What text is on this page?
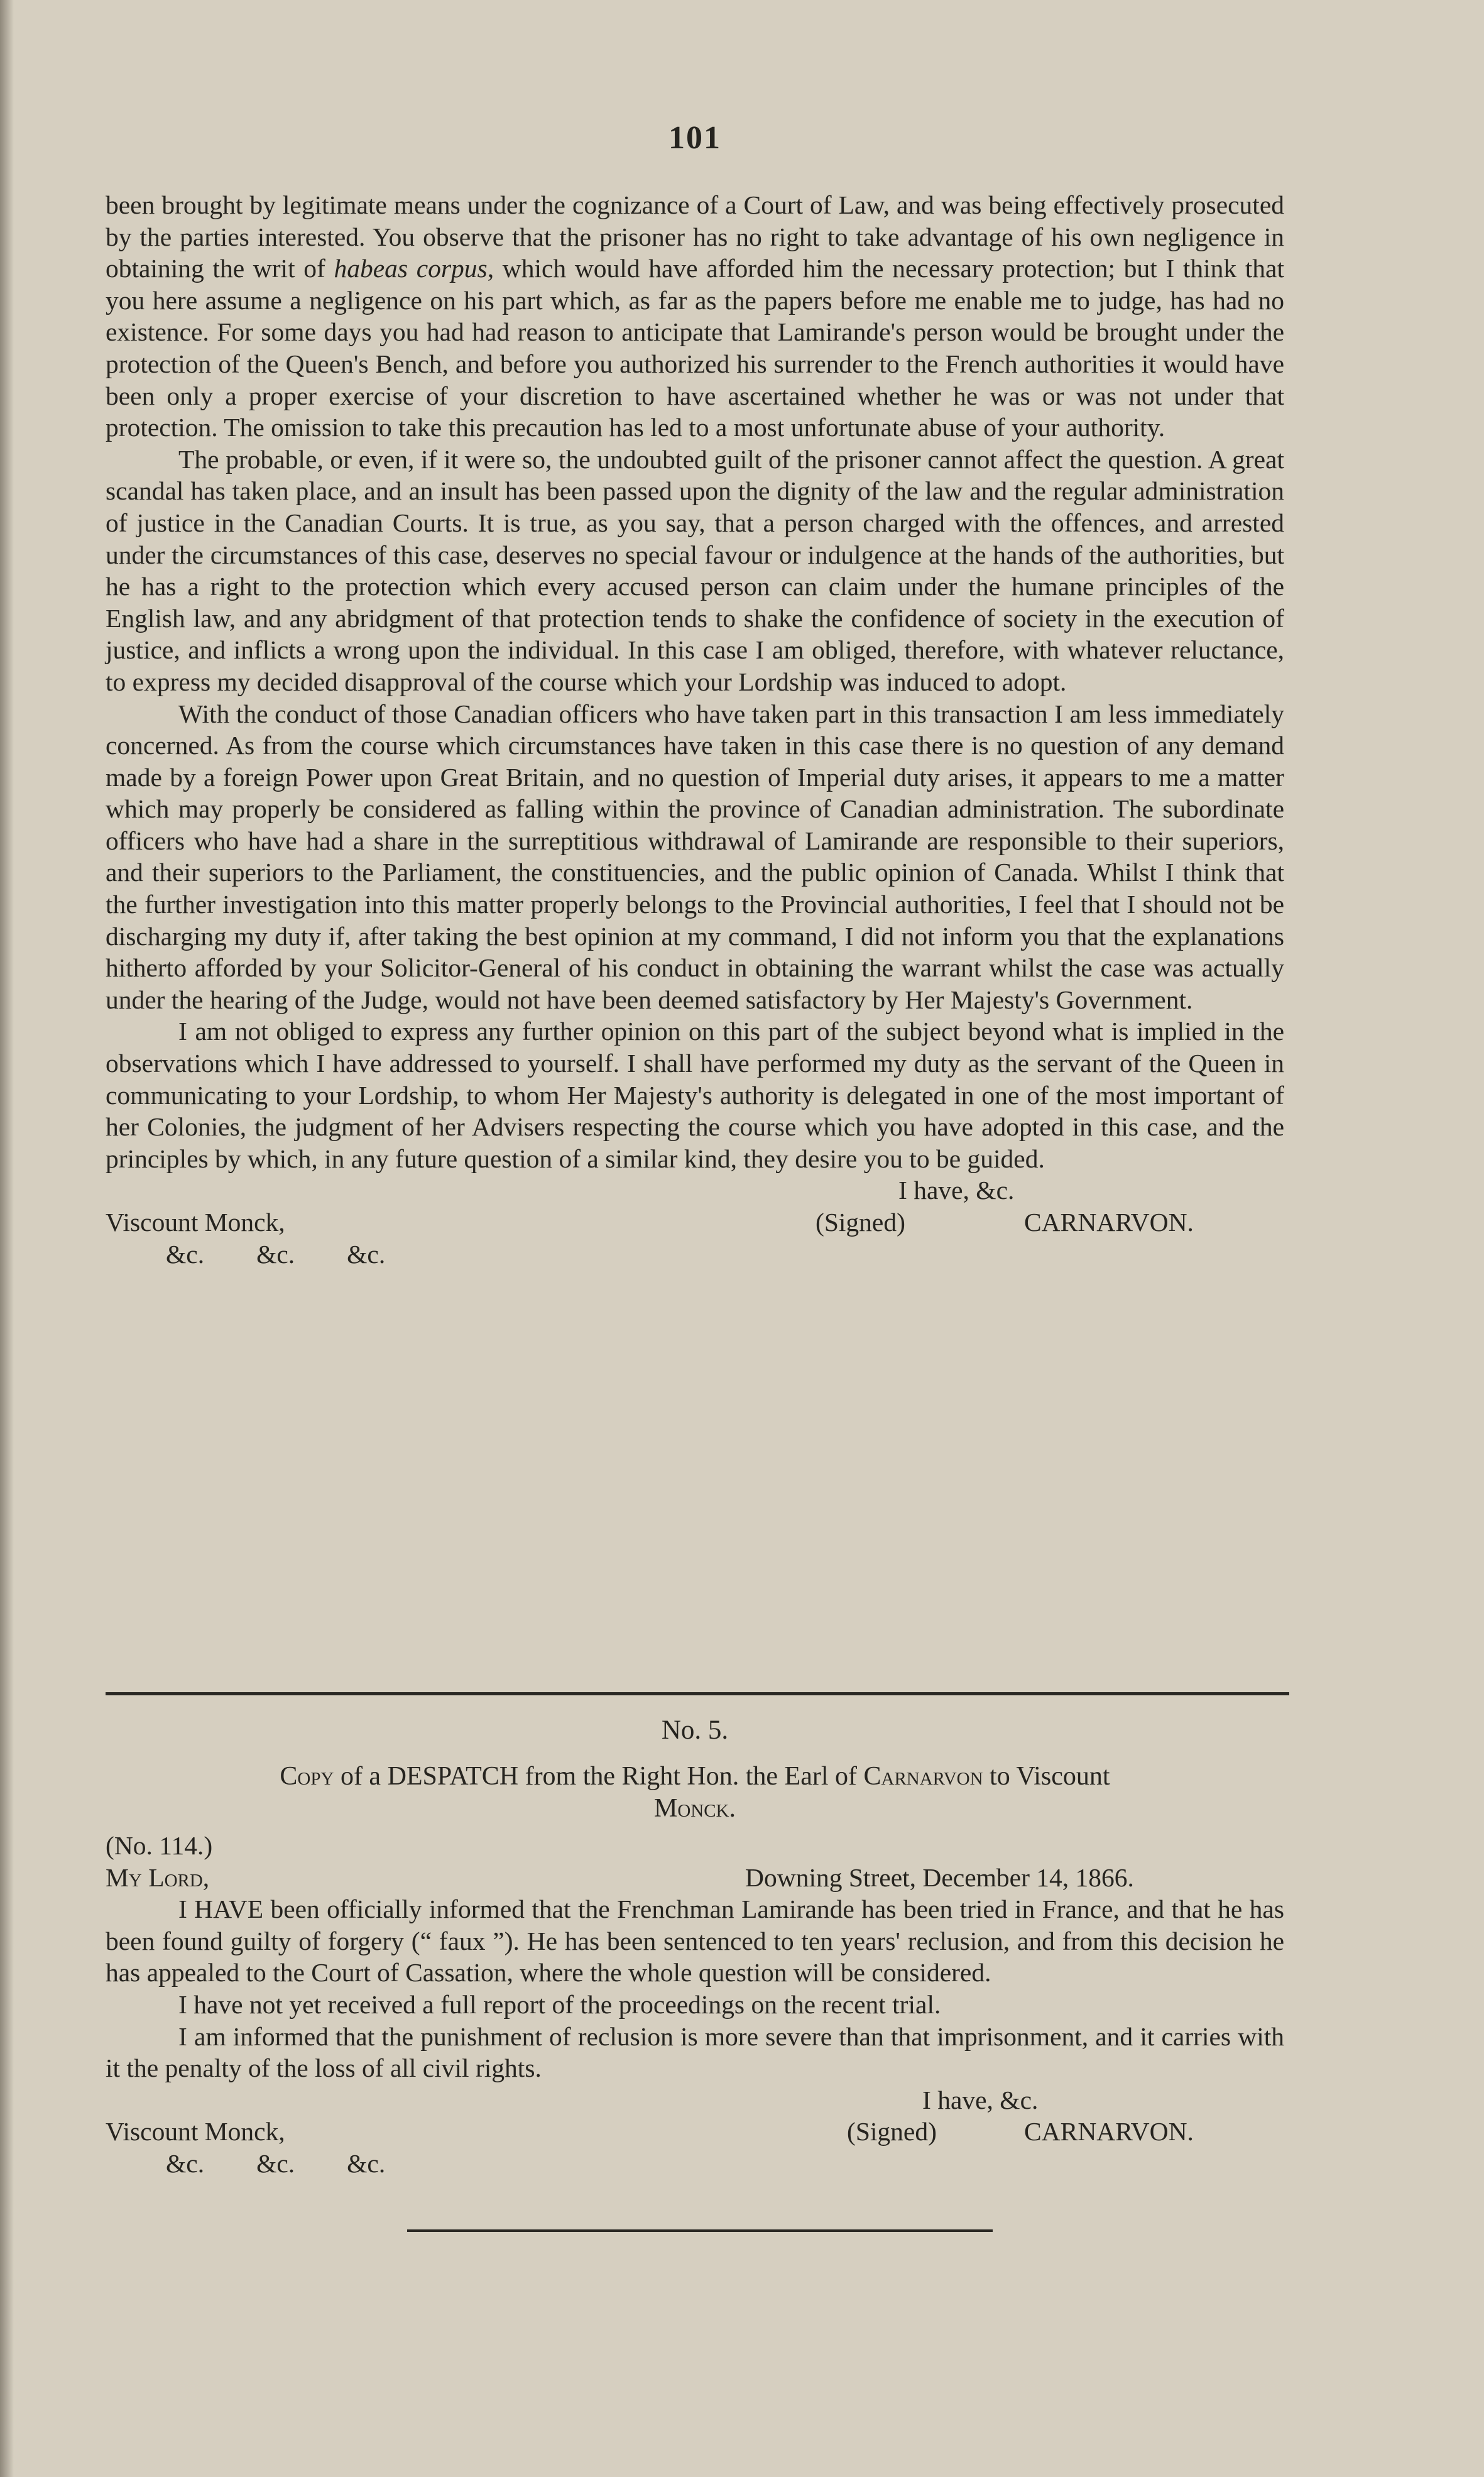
101

been brought by legitimate means under the cognizance of a Court of Law, and was being effectively prosecuted by the parties interested. You observe that the prisoner has no right to take advantage of his own negligence in obtaining the writ of habeas corpus, which would have afforded him the necessary protection; but I think that you here assume a negligence on his part which, as far as the papers before me enable me to judge, has had no existence. For some days you had had reason to anticipate that Lamirande's person would be brought under the protection of the Queen's Bench, and before you authorized his surrender to the French authorities it would have been only a proper exercise of your discretion to have ascertained whether he was or was not under that protection. The omission to take this precaution has led to a most unfortunate abuse of your authority.

The probable, or even, if it were so, the undoubted guilt of the prisoner cannot affect the question. A great scandal has taken place, and an insult has been passed upon the dignity of the law and the regular administration of justice in the Canadian Courts. It is true, as you say, that a person charged with the offences, and arrested under the circumstances of this case, deserves no special favour or indulgence at the hands of the authorities, but he has a right to the protection which every accused person can claim under the humane principles of the English law, and any abridgment of that protection tends to shake the confidence of society in the execution of justice, and inflicts a wrong upon the individual. In this case I am obliged, therefore, with whatever reluctance, to express my decided disapproval of the course which your Lordship was induced to adopt.

With the conduct of those Canadian officers who have taken part in this transaction I am less immediately concerned. As from the course which circumstances have taken in this case there is no question of any demand made by a foreign Power upon Great Britain, and no question of Imperial duty arises, it appears to me a matter which may properly be considered as falling within the province of Canadian administration. The subordinate officers who have had a share in the surreptitious withdrawal of Lamirande are responsible to their superiors, and their superiors to the Parliament, the constituencies, and the public opinion of Canada. Whilst I think that the further investigation into this matter properly belongs to the Provincial authorities, I feel that I should not be discharging my duty if, after taking the best opinion at my command, I did not inform you that the explanations hitherto afforded by your Solicitor-General of his conduct in obtaining the warrant whilst the case was actually under the hearing of the Judge, would not have been deemed satisfactory by Her Majesty's Government.

I am not obliged to express any further opinion on this part of the subject beyond what is implied in the observations which I have addressed to yourself. I shall have performed my duty as the servant of the Queen in communicating to your Lordship, to whom Her Majesty's authority is delegated in one of the most important of her Colonies, the judgment of her Advisers respecting the course which you have adopted in this case, and the principles by which, in any future question of a similar kind, they desire you to be guided.

I have, &c.
Viscount Monck,	(Signed)	CARNARVON.
&c.        &c.        &c.
No. 5.
Copy of a DESPATCH from the Right Hon. the Earl of Carnarvon to Viscount
Monck.
(No. 114.)
My Lord,	Downing Street, December 14, 1866.

I HAVE been officially informed that the Frenchman Lamirande has been tried in France, and that he has been found guilty of forgery (“ faux ”). He has been sentenced to ten years' reclusion, and from this decision he has appealed to the Court of Cassation, where the whole question will be considered.

I have not yet received a full report of the proceedings on the recent trial.

I am informed that the punishment of reclusion is more severe than that imprisonment, and it carries with it the penalty of the loss of all civil rights.

I have, &c.
Viscount Monck,	(Signed)	CARNARVON.
&c.        &c.        &c.
